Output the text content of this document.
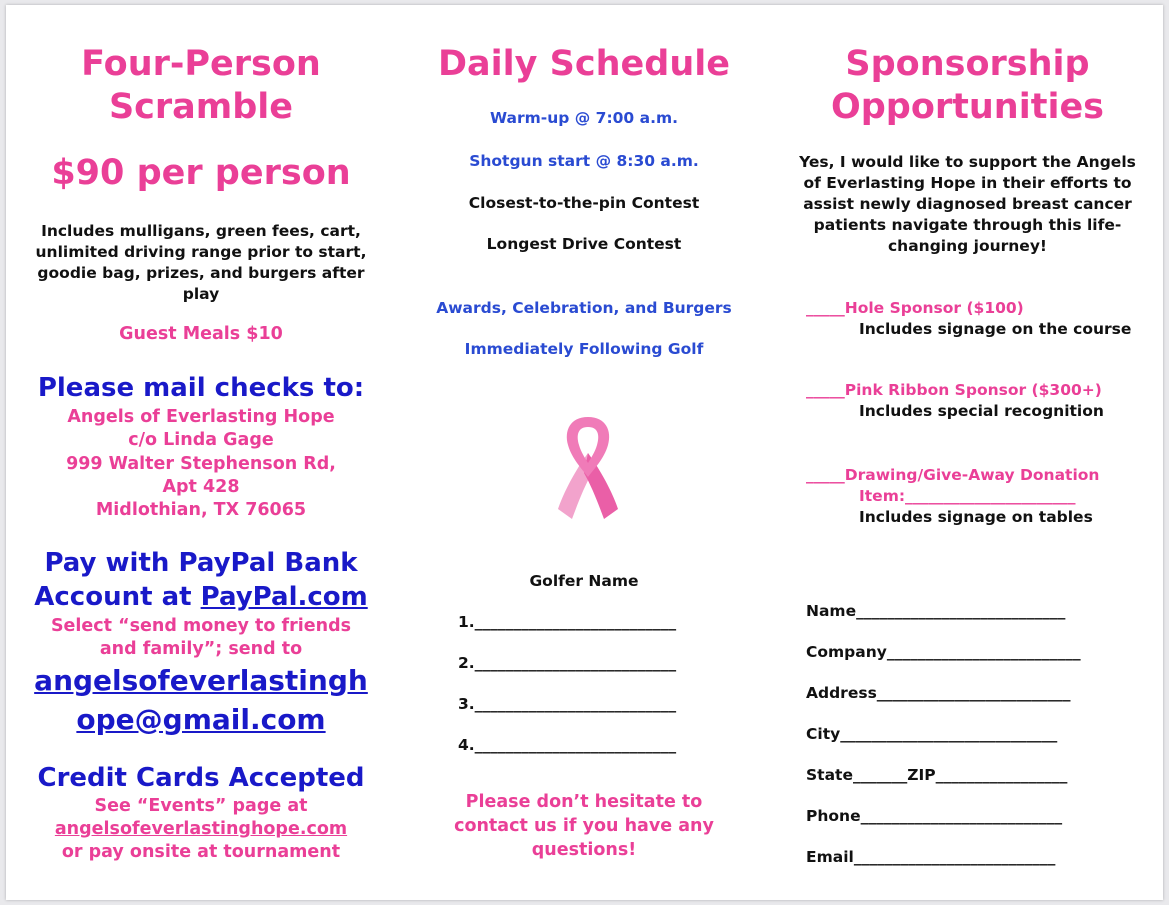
Four-Person

Scramble

$90 per person

Includes mulligans, green fees, cart,

unlimited driving range prior to start,

goodie bag, prizes, and burgers after

play

Guest Meals $10

Please mail checks to:

Angels of Everlasting Hope

c/o Linda Gage

999 Walter Stephenson Rd,

Apt 428

Midlothian, TX 76065

Pay with PayPal Bank

Account at PayPal.com

Select “send money to friends

and family”; send to

angelsofeverlastingh

ope@gmail.com

Credit Cards Accepted

See “Events” page at

angelsofeverlastinghope.com

or pay onsite at tournament

Daily Schedule

Warm-up @ 7:00 a.m.

Shotgun start @ 8:30 a.m.

Closest-to-the-pin Contest

Longest Drive Contest

Awards, Celebration, and Burgers

Immediately Following Golf

Golfer Name

1.__________________________
2.__________________________
3.__________________________
4.__________________________

Please don’t hesitate to

contact us if you have any

questions!

Sponsorship

Opportunities

Yes, I would like to support the Angels

of Everlasting Hope in their efforts to

assist newly diagnosed breast cancer

patients navigate through this life-

changing journey!

_____Hole Sponsor ($100)
Includes signage on the course
_____Pink Ribbon Sponsor ($300+)
Includes special recognition
_____Drawing/Give-Away Donation
Item:______________________
Includes signage on tables
Name___________________________
Company_________________________
Address_________________________
City____________________________
State_______ZIP_________________
Phone__________________________
Email__________________________
